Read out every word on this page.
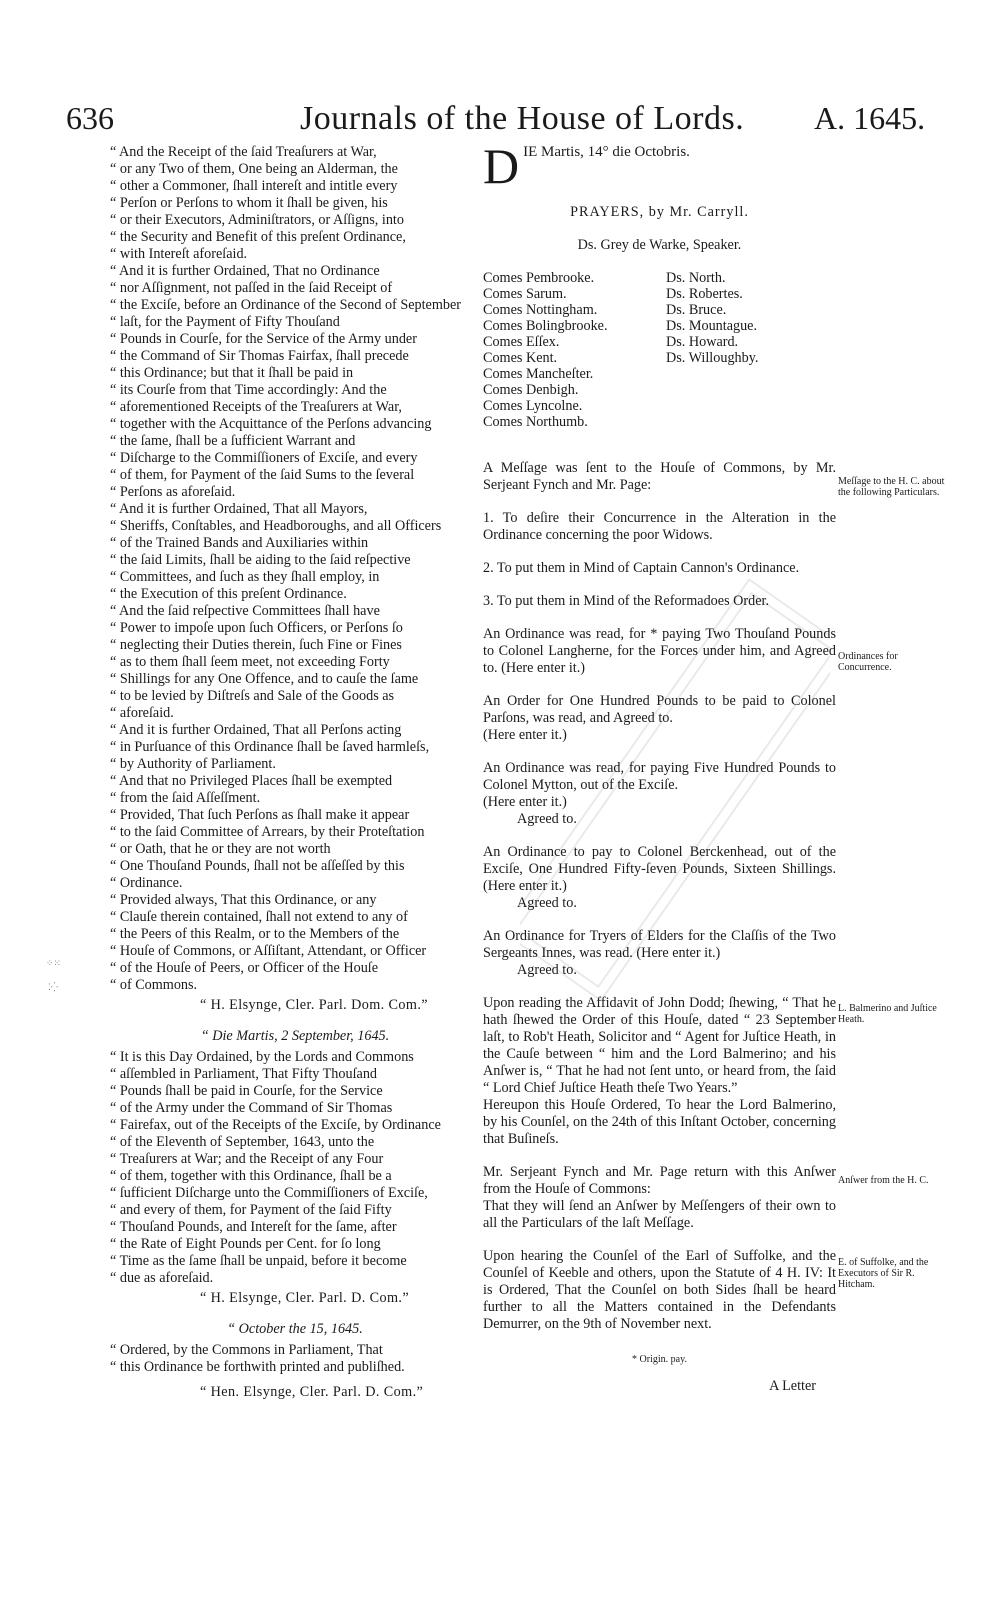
636	Journals of the House of Lords. A. 1645.
⁘⁙
⁚⁛
“ And the Receipt of the ſaid Treaſurers at War,
“ or any Two of them, One being an Alderman, the
“ other a Commoner, ſhall intereſt and intitle every
“ Perſon or Perſons to whom it ſhall be given, his
“ or their Executors, Adminiſtrators, or Aſſigns, into
“ the Security and Benefit of this preſent Ordinance,
“ with Intereſt aforeſaid.
“ And it is further Ordained, That no Ordinance
“ nor Aſſignment, not paſſed in the ſaid Receipt of
“ the Exciſe, before an Ordinance of the Second of September
“ laſt, for the Payment of Fifty Thouſand
“ Pounds in Courſe, for the Service of the Army under
“ the Command of Sir Thomas Fairfax, ſhall precede
“ this Ordinance; but that it ſhall be paid in
“ its Courſe from that Time accordingly: And the
“ aforementioned Receipts of the Treaſurers at War,
“ together with the Acquittance of the Perſons advancing
“ the ſame, ſhall be a ſufficient Warrant and
“ Diſcharge to the Commiſſioners of Exciſe, and every
“ of them, for Payment of the ſaid Sums to the ſeveral
“ Perſons as aforeſaid.
“ And it is further Ordained, That all Mayors,
“ Sheriffs, Conſtables, and Headboroughs, and all Officers
“ of the Trained Bands and Auxiliaries within
“ the ſaid Limits, ſhall be aiding to the ſaid reſpective
“ Committees, and ſuch as they ſhall employ, in
“ the Execution of this preſent Ordinance.
“ And the ſaid reſpective Committees ſhall have
“ Power to impoſe upon ſuch Officers, or Perſons ſo
“ neglecting their Duties therein, ſuch Fine or Fines
“ as to them ſhall ſeem meet, not exceeding Forty
“ Shillings for any One Offence, and to cauſe the ſame
“ to be levied by Diſtreſs and Sale of the Goods as
“ aforeſaid.
“ And it is further Ordained, That all Perſons acting
“ in Purſuance of this Ordinance ſhall be ſaved harmleſs,
“ by Authority of Parliament.
“ And that no Privileged Places ſhall be exempted
“ from the ſaid Aſſeſſment.
“ Provided, That ſuch Perſons as ſhall make it appear
“ to the ſaid Committee of Arrears, by their Proteſtation
“ or Oath, that he or they are not worth
“ One Thouſand Pounds, ſhall not be aſſeſſed by this
“ Ordinance.
“ Provided always, That this Ordinance, or any
“ Clauſe therein contained, ſhall not extend to any of
“ the Peers of this Realm, or to the Members of the
“ Houſe of Commons, or Aſſiſtant, Attendant, or Officer
“ of the Houſe of Peers, or Officer of the Houſe
“ of Commons.

“ H. Elsynge, Cler. Parl. Dom. Com.”

“ Die Martis, 2 September, 1645.

“ It is this Day Ordained, by the Lords and Commons
“ aſſembled in Parliament, That Fifty Thouſand
“ Pounds ſhall be paid in Courſe, for the Service
“ of the Army under the Command of Sir Thomas
“ Fairefax, out of the Receipts of the Exciſe, by Ordinance
“ of the Eleventh of September, 1643, unto the
“ Treaſurers at War; and the Receipt of any Four
“ of them, together with this Ordinance, ſhall be a
“ ſufficient Diſcharge unto the Commiſſioners of Exciſe,
“ and every of them, for Payment of the ſaid Fifty
“ Thouſand Pounds, and Intereſt for the ſame, after
“ the Rate of Eight Pounds per Cent. for ſo long
“ Time as the ſame ſhall be unpaid, before it become
“ due as aforeſaid.

“ H. Elsynge, Cler. Parl. D. Com.”

“ October the 15, 1645.

“ Ordered, by the Commons in Parliament, That
“ this Ordinance be forthwith printed and publiſhed.

“ Hen. Elsynge, Cler. Parl. D. Com.”

D IE Martis, 14° die Octobris.

PRAYERS, by Mr. Carryll.

Ds. Grey de Warke, Speaker.

Comes Pembrooke.

Comes Sarum.

Comes Nottingham.

Comes Bolingbrooke.

Comes Eſſex.

Comes Kent.

Comes Mancheſter.

Comes Denbigh.

Comes Lyncolne.

Comes Northumb.

Ds. North.

Ds. Robertes.

Ds. Bruce.

Ds. Mountague.

Ds. Howard.

Ds. Willoughby.

A Meſſage was ſent to the Houſe of Commons, by Mr. Serjeant Fynch and Mr. Page:

1. To deſire their Concurrence in the Alteration in the Ordinance concerning the poor Widows.

2. To put them in Mind of Captain Cannon's Ordinance.

3. To put them in Mind of the Reformadoes Order.

An Ordinance was read, for * paying Two Thouſand Pounds to Colonel Langherne, for the Forces under him, and Agreed to. (Here enter it.)

An Order for One Hundred Pounds to be paid to Colonel Parſons, was read, and Agreed to.

(Here enter it.)

An Ordinance was read, for paying Five Hundred Pounds to Colonel Mytton, out of the Exciſe.

(Here enter it.)

Agreed to.

An Ordinance to pay to Colonel Berckenhead, out of the Exciſe, One Hundred Fifty-ſeven Pounds, Sixteen Shillings. (Here enter it.)

Agreed to.

An Ordinance for Tryers of Elders for the Claſſis of the Two Sergeants Innes, was read. (Here enter it.)

Agreed to.

Upon reading the Affidavit of John Dodd; ſhewing, “ That he hath ſhewed the Order of this Houſe, dated “ 23 September laſt, to Rob't Heath, Solicitor and “ Agent for Juſtice Heath, in the Cauſe between “ him and the Lord Balmerino; and his Anſwer is, “ That he had not ſent unto, or heard from, the ſaid “ Lord Chief Juſtice Heath theſe Two Years.”

Hereupon this Houſe Ordered, To hear the Lord Balmerino, by his Counſel, on the 24th of this Inſtant October, concerning that Buſineſs.

Mr. Serjeant Fynch and Mr. Page return with this Anſwer from the Houſe of Commons:

That they will ſend an Anſwer by Meſſengers of their own to all the Particulars of the laſt Meſſage.

Upon hearing the Counſel of the Earl of Suffolke, and the Counſel of Keeble and others, upon the Statute of 4 H. IV: It is Ordered, That the Counſel on both Sides ſhall be heard further to all the Matters contained in the Defendants Demurrer, on the 9th of November next.

* Origin. pay.

A Letter

Meſſage to the H. C. about the following Particulars.
Ordinances for Concurrence.
L. Balmerino and Juſtice Heath.
Anſwer from the H. C.
E. of Suffolke, and the Executors of Sir R. Hitcham.
